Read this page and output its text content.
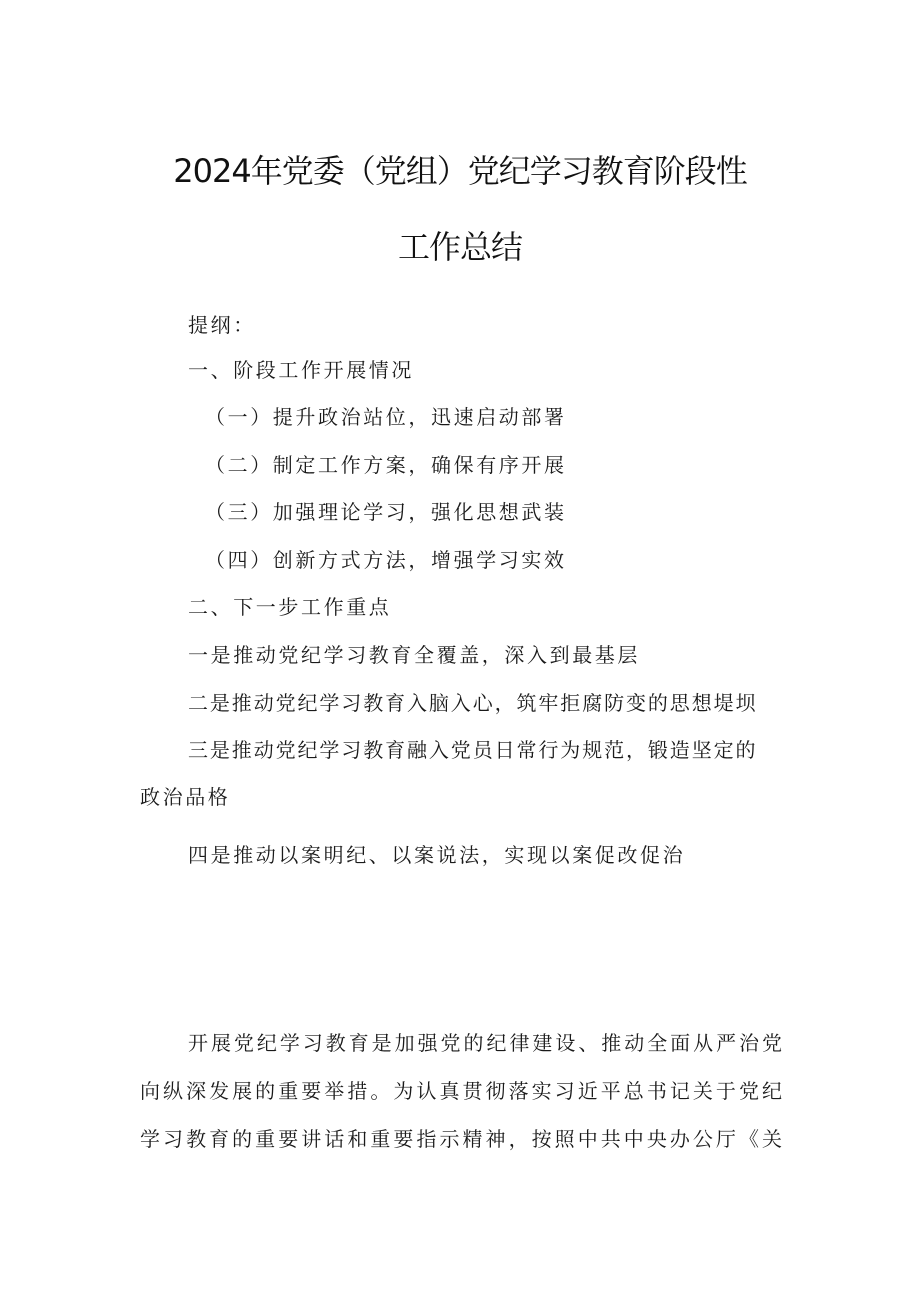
2024年党委（党组）党纪学习教育阶段性
工作总结
提纲：
一、阶段工作开展情况
（一）提升政治站位，迅速启动部署
（二）制定工作方案，确保有序开展
（三）加强理论学习，强化思想武装
（四）创新方式方法，增强学习实效
二、下一步工作重点
一是推动党纪学习教育全覆盖，深入到最基层
二是推动党纪学习教育入脑入心，筑牢拒腐防变的思想堤坝
三是推动党纪学习教育融入党员日常行为规范，锻造坚定的
政治品格
四是推动以案明纪、以案说法，实现以案促改促治
开展党纪学习教育是加强党的纪律建设、推动全面从严治党
向纵深发展的重要举措。为认真贯彻落实习近平总书记关于党纪
学习教育的重要讲话和重要指示精神，按照中共中央办公厅《关
